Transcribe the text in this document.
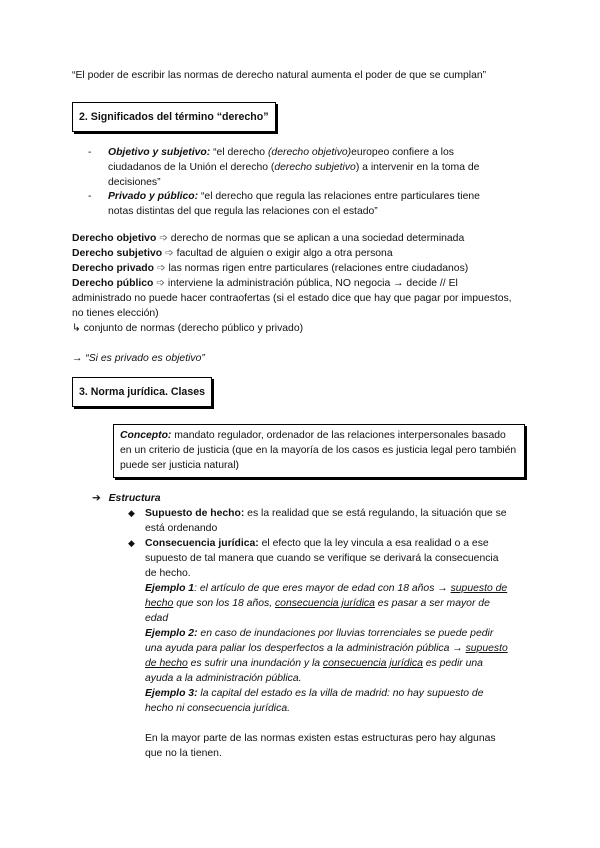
“El poder de escribir las normas de derecho natural aumenta el poder de que se cumplan”
2. Significados del término “derecho”
- Objetivo y subjetivo: “el derecho (derecho objetivo)europeo confiere a los ciudadanos de la Unión el derecho (derecho subjetivo) a intervenir en la toma de decisiones”
- Privado y público: “el derecho que regula las relaciones entre particulares tiene notas distintas del que regula las relaciones con el estado”
Derecho objetivo ➩ derecho de normas que se aplican a una sociedad determinada
Derecho subjetivo ➩ facultad de alguien o exigir algo a otra persona
Derecho privado ➩ las normas rigen entre particulares (relaciones entre ciudadanos)
Derecho público ➩ interviene la administración pública, NO negocia → decide // El administrado no puede hacer contraofertas (si el estado dice que hay que pagar por impuestos, no tienes elección)
↳ conjunto de normas (derecho público y privado)
→ “Si es privado es objetivo”
3. Norma jurídica. Clases
Concepto: mandato regulador, ordenador de las relaciones interpersonales basado en un criterio de justicia (que en la mayoría de los casos es justicia legal pero también puede ser justicia natural)
➔ Estructura
◆ Supuesto de hecho: es la realidad que se está regulando, la situación que se está ordenando
◆ Consecuencia jurídica: el efecto que la ley vincula a esa realidad o a ese supuesto de tal manera que cuando se verifique se derivará la consecuencia de hecho.
Ejemplo 1: el artículo de que eres mayor de edad con 18 años → supuesto de hecho que son los 18 años, consecuencia jurídica es pasar a ser mayor de edad
Ejemplo 2: en caso de inundaciones por lluvias torrenciales se puede pedir una ayuda para paliar los desperfectos a la administración pública → supuesto de hecho es sufrir una inundación y la consecuencia jurídica es pedir una ayuda a la administración pública.
Ejemplo 3: la capital del estado es la villa de madrid: no hay supuesto de hecho ni consecuencia jurídica.
En la mayor parte de las normas existen estas estructuras pero hay algunas que no la tienen.
